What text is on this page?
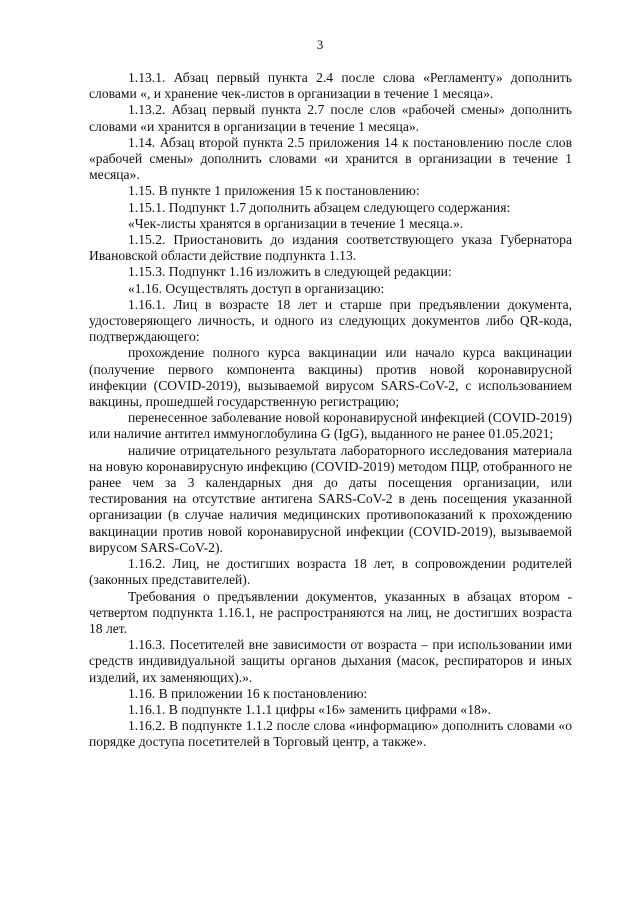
3

1.13.1. Абзац первый пункта 2.4 после слова «Регламенту» дополнить словами «, и хранение чек-листов в организации в течение 1 месяца».

1.13.2. Абзац первый пункта 2.7 после слов «рабочей смены» дополнить словами «и хранится в организации в течение 1 месяца».

1.14. Абзац второй пункта 2.5 приложения 14 к постановлению после слов «рабочей смены» дополнить словами «и хранится в организации в течение 1 месяца».

1.15. В пункте 1 приложения 15 к постановлению:

1.15.1. Подпункт 1.7 дополнить абзацем следующего содержания:

«Чек-листы хранятся в организации в течение 1 месяца.».

1.15.2. Приостановить до издания соответствующего указа Губернатора Ивановской области действие подпункта 1.13.

1.15.3. Подпункт 1.16 изложить в следующей редакции:

«1.16. Осуществлять доступ в организацию:

1.16.1. Лиц в возрасте 18 лет и старше при предъявлении документа, удостоверяющего личность, и одного из следующих документов либо QR-кода, подтверждающего:

прохождение полного курса вакцинации или начало курса вакцинации (получение первого компонента вакцины) против новой коронавирусной инфекции (COVID-2019), вызываемой вирусом SARS-CoV-2, с использованием вакцины, прошедшей государственную регистрацию;

перенесенное заболевание новой коронавирусной инфекцией (COVID-2019) или наличие антител иммуноглобулина G (IgG), выданного не ранее 01.05.2021;

наличие отрицательного результата лабораторного исследования материала на новую коронавирусную инфекцию (COVID-2019) методом ПЦР, отобранного не ранее чем за 3 календарных дня до даты посещения организации, или тестирования на отсутствие антигена SARS-CoV-2 в день посещения указанной организации (в случае наличия медицинских противопоказаний к прохождению вакцинации против новой коронавирусной инфекции (COVID-2019), вызываемой вирусом SARS-CoV-2).

1.16.2. Лиц, не достигших возраста 18 лет, в сопровождении родителей (законных представителей).

Требования о предъявлении документов, указанных в абзацах втором - четвертом подпункта 1.16.1, не распространяются на лиц, не достигших возраста 18 лет.

1.16.3. Посетителей вне зависимости от возраста – при использовании ими средств индивидуальной защиты органов дыхания (масок, респираторов и иных изделий, их заменяющих).».

1.16. В приложении 16 к постановлению:

1.16.1. В подпункте 1.1.1 цифры «16» заменить цифрами «18».

1.16.2. В подпункте 1.1.2 после слова «информацию» дополнить словами «о порядке доступа посетителей в Торговый центр, а также».
